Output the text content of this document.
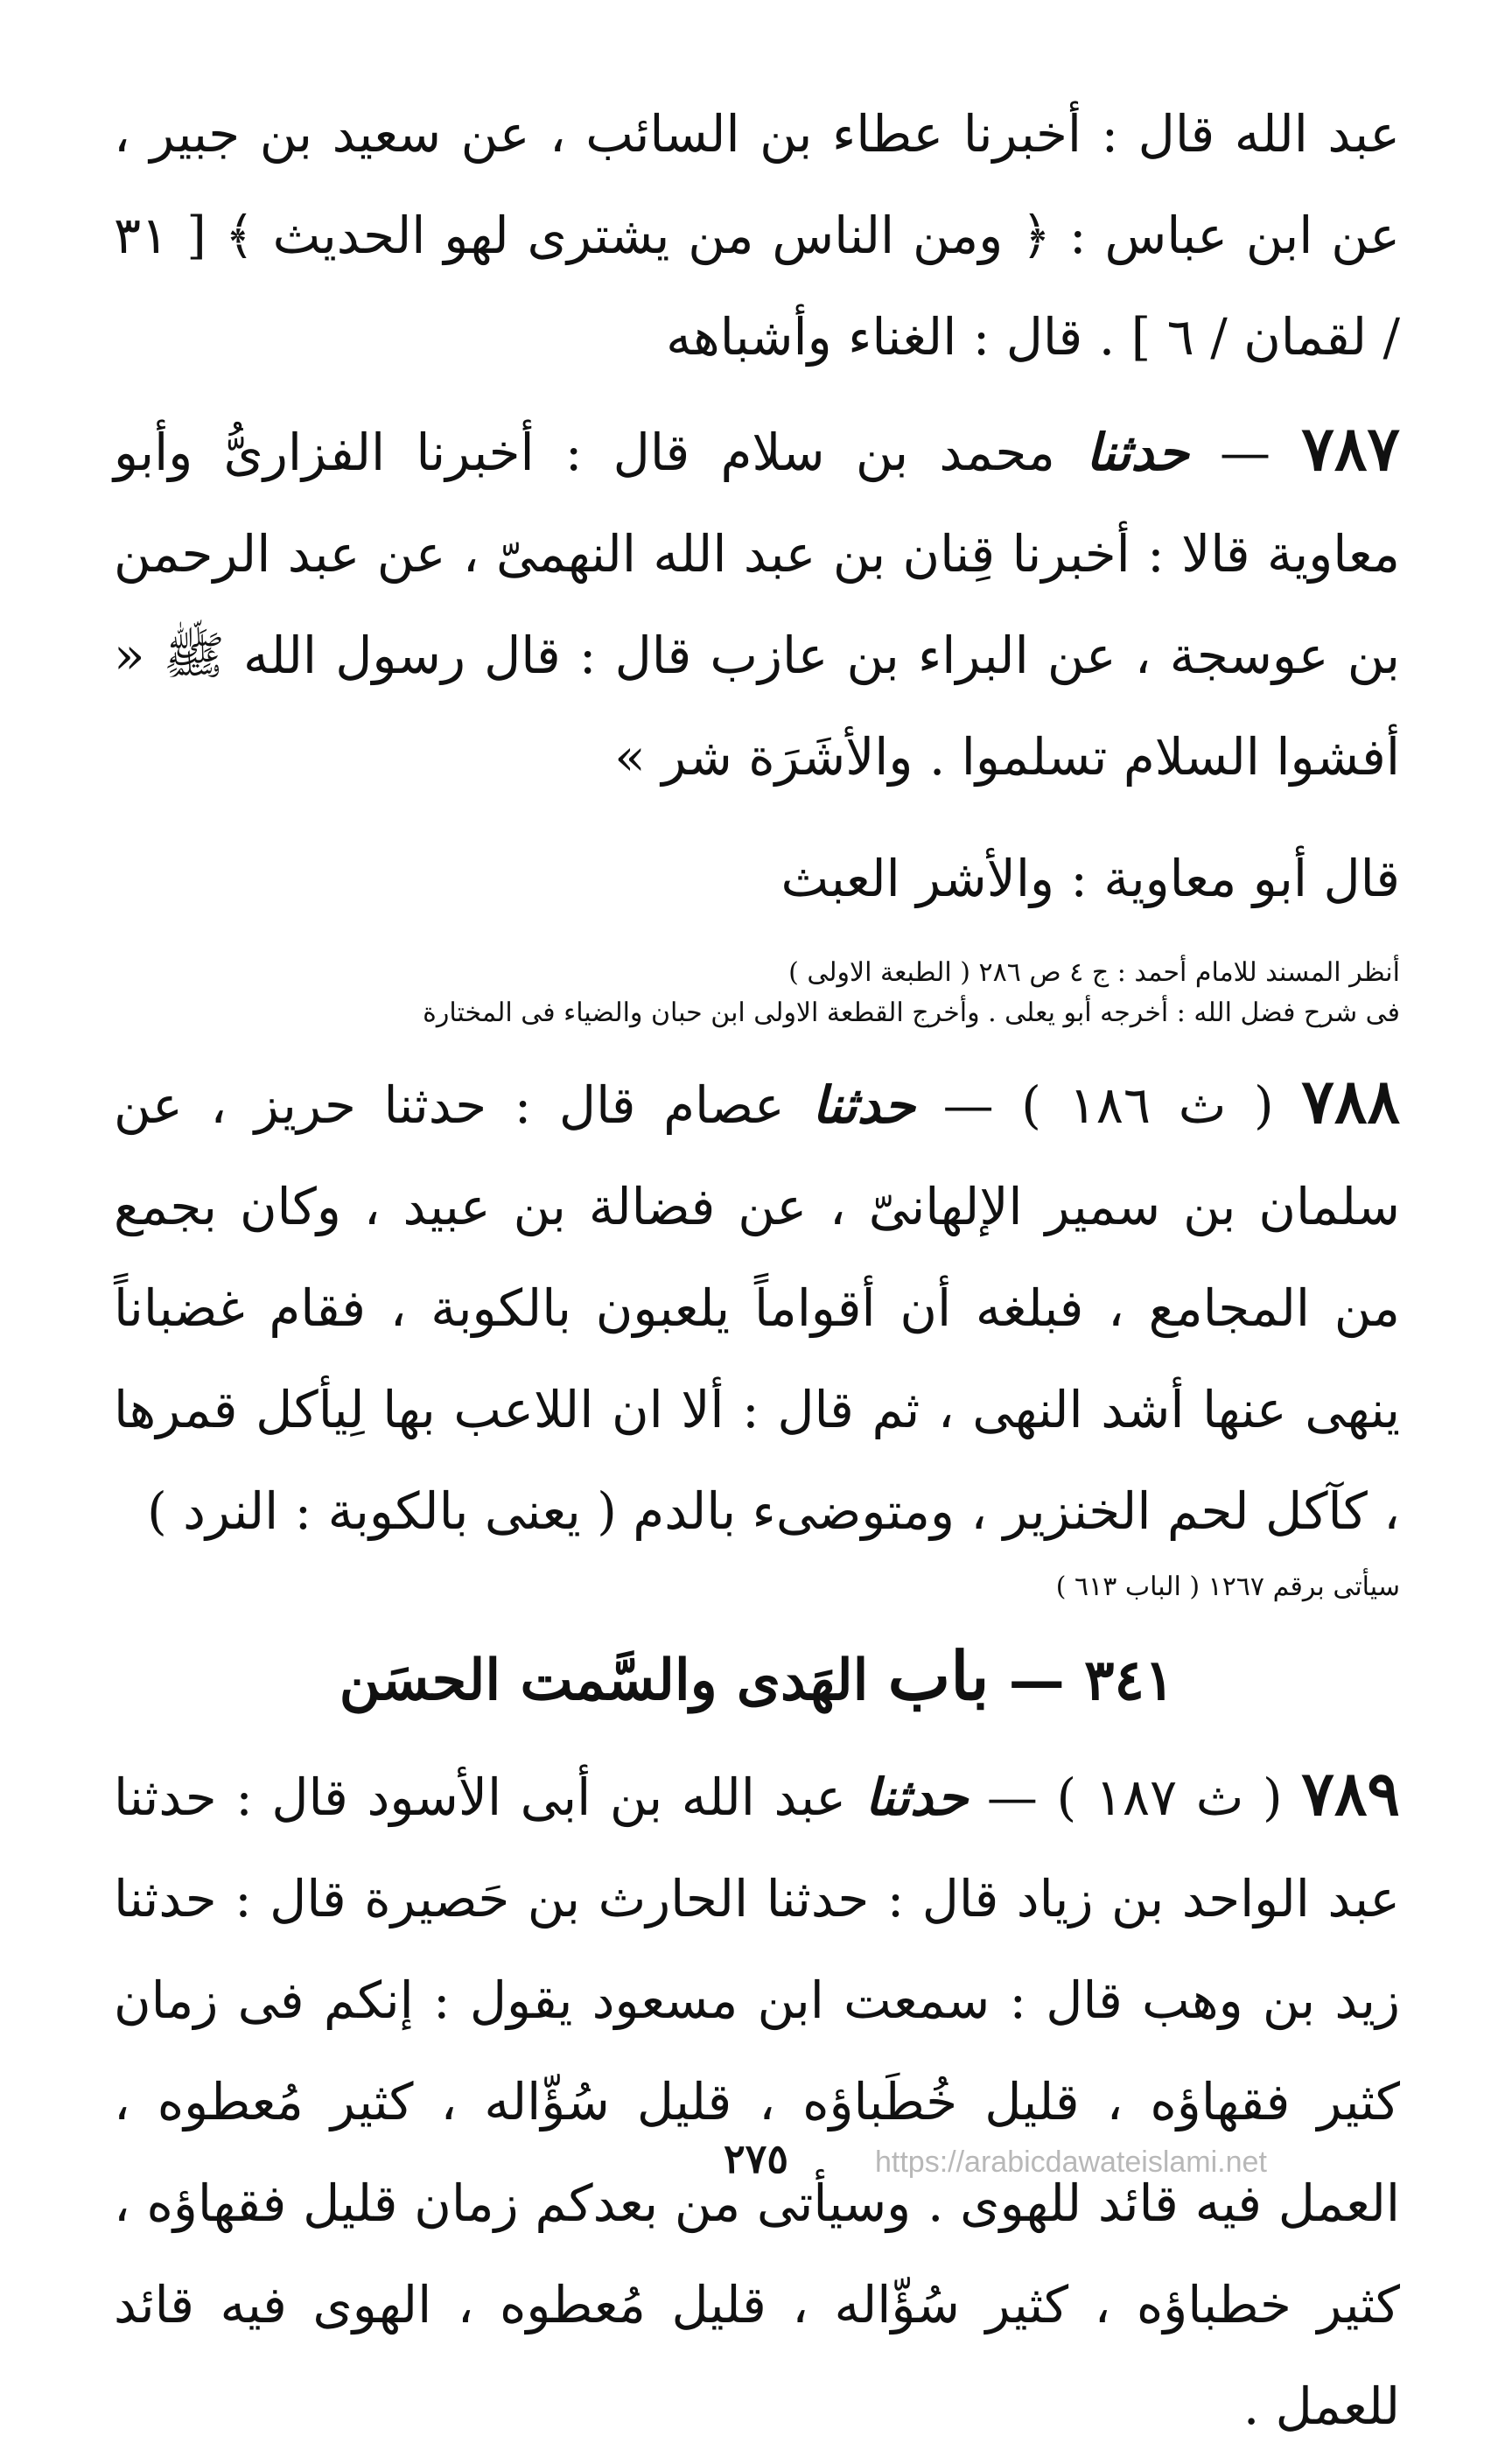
عبد الله قال : أخبرنا عطاء بن السائب ، عن سعيد بن جبير ، عن ابن عباس : ﴿ ومن الناس من يشترى لهو الحديث ﴾ [ ٣١ / لقمان / ٦ ] . قال : الغناء وأشباهه

٧٨٧ — حدثنا محمد بن سلام قال : أخبرنا الفزارىُّ وأبو معاوية قالا : أخبرنا قِنان بن عبد الله النهمىّ ، عن عبد الرحمن بن عوسجة ، عن البراء بن عازب قال : قال رسول الله ﷺ « أفشوا السلام تسلموا . والأشَرَة شر »

قال أبو معاوية : والأشر العبث

أنظر المسند للامام أحمد : ج ٤ ص ٢٨٦ ( الطبعة الاولى )

فى شرح فضل الله : أخرجه أبو يعلى . وأخرج القطعة الاولى ابن حبان والضياء فى المختارة

٧٨٨ ( ث ١٨٦ ) — حدثنا عصام قال : حدثنا حريز ، عن سلمان بن سمير الإلهانىّ ، عن فضالة بن عبيد ، وكان بجمع من المجامع ، فبلغه أن أقواماً يلعبون بالكوبة ، فقام غضباناً ينهى عنها أشد النهى ، ثم قال : ألا ان اللاعب بها لِيأكل قمرها ، كآكل لحم الخنزير ، ومتوضىء بالدم ( يعنى بالكوبة : النرد )

سيأتى برقم ١٢٦٧ ( الباب ٦١٣ )

٣٤١ — باب الهَدى والسَّمت الحسَن

٧٨٩ ( ث ١٨٧ ) — حدثنا عبد الله بن أبى الأسود قال : حدثنا عبد الواحد بن زياد قال : حدثنا الحارث بن حَصيرة قال : حدثنا زيد بن وهب قال : سمعت ابن مسعود يقول : إنكم فى زمان كثير فقهاؤه ، قليل خُطَباؤه ، قليل سُؤّاله ، كثير مُعطوه ، العمل فيه قائد للهوى . وسيأتى من بعدكم زمان قليل فقهاؤه ، كثير خطباؤه ، كثير سُؤّاله ، قليل مُعطوه ، الهوى فيه قائد للعمل .

٢٧٥	https://arabicdawateislami.net
